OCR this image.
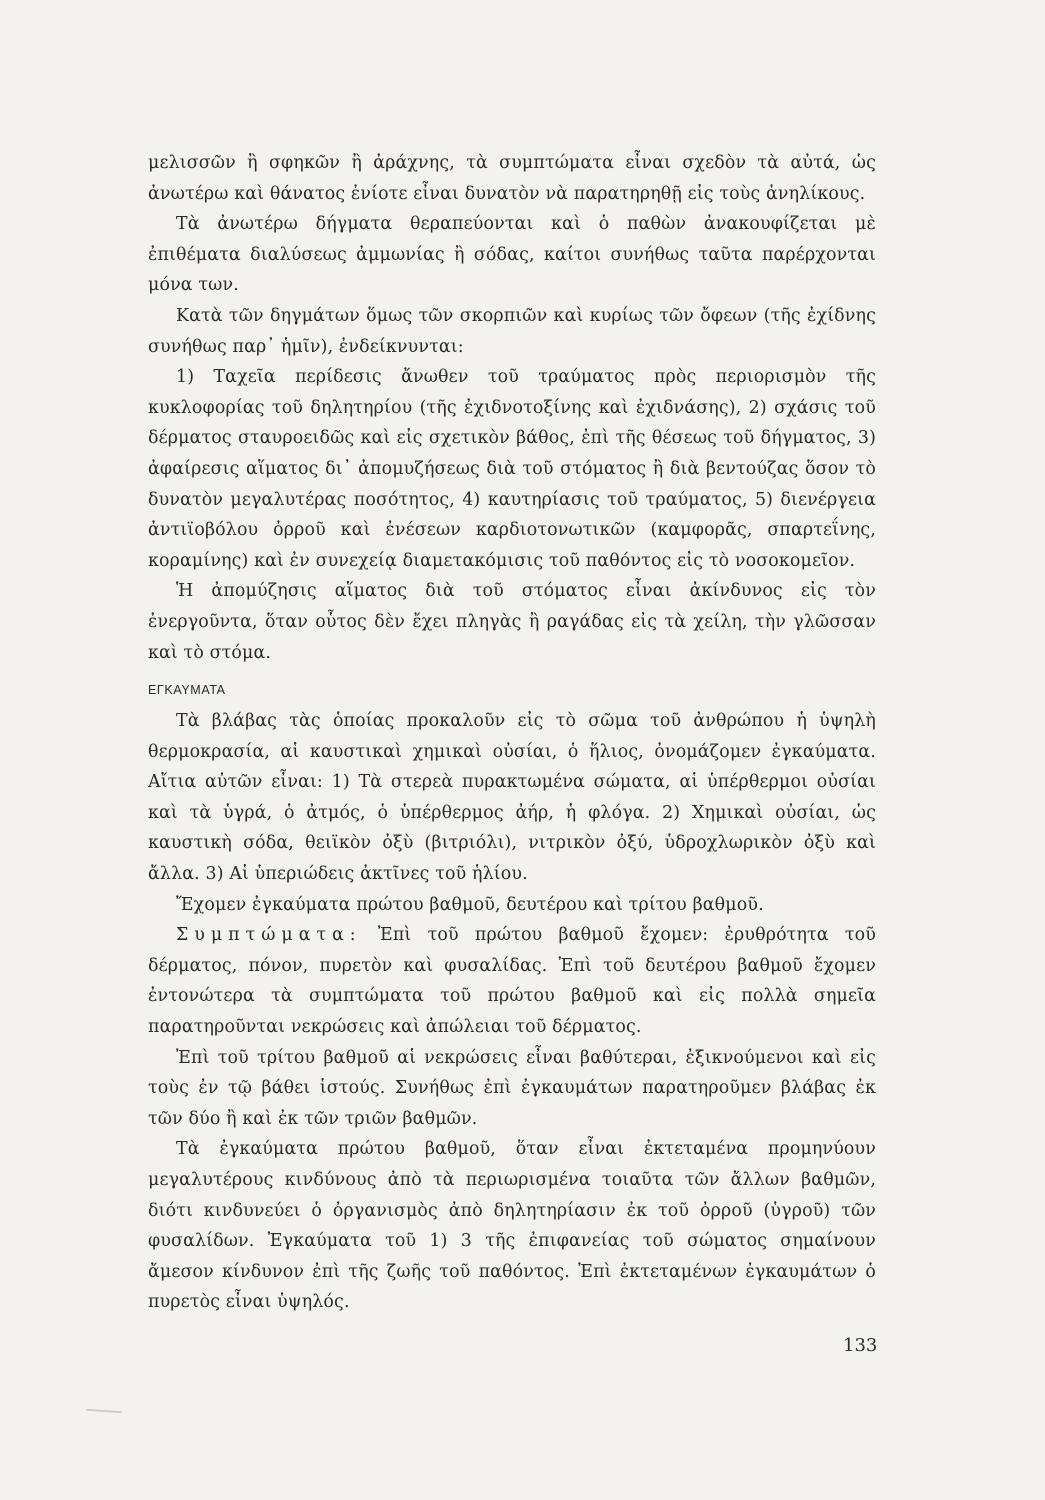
μελισσῶν ἢ σφηκῶν ἢ ἀράχνης, τὰ συμπτώματα εἶναι σχεδὸν τὰ αὐτά, ὡς ἀνωτέρω καὶ θάνατος ἐνίοτε εἶναι δυνατὸν νὰ παρατηρηθῇ εἰς τοὺς ἀνηλίκους.

Τὰ ἀνωτέρω δήγματα θεραπεύονται καὶ ὁ παθὼν ἀνακουφίζεται μὲ ἐπιθέματα διαλύσεως ἀμμωνίας ἢ σόδας, καίτοι συνήθως ταῦτα παρέρχονται μόνα των.

Κατὰ τῶν δηγμάτων ὅμως τῶν σκορπιῶν καὶ κυρίως τῶν ὄφεων (τῆς ἐχίδνης συνήθως παρ᾽ ἡμῖν), ἐνδείκνυνται:

1) Ταχεῖα περίδεσις ἄνωθεν τοῦ τραύματος πρὸς περιορισμὸν τῆς κυκλοφορίας τοῦ δηλητηρίου (τῆς ἐχιδνοτοξίνης καὶ ἐχιδνάσης), 2) σχάσις τοῦ δέρματος σταυροειδῶς καὶ εἰς σχετικὸν βάθος, ἐπὶ τῆς θέσεως τοῦ δήγματος, 3) ἀφαίρεσις αἵματος δι᾽ ἀπομυζήσεως διὰ τοῦ στόματος ἢ διὰ βεντούζας ὅσον τὸ δυνατὸν μεγαλυτέρας ποσότητος, 4) καυτηρίασις τοῦ τραύματος, 5) διενέργεια ἀντιϊοβόλου ὀρροῦ καὶ ἐνέσεων καρδιοτονωτικῶν (καμφορᾶς, σπαρτεΐνης, κοραμίνης) καὶ ἐν συνεχείᾳ διαμετακόμισις τοῦ παθόντος εἰς τὸ νοσοκομεῖον.

Ἡ ἀπομύζησις αἵματος διὰ τοῦ στόματος εἶναι ἀκίνδυνος εἰς τὸν ἐνεργοῦντα, ὅταν οὗτος δὲν ἔχει πληγὰς ἢ ραγάδας εἰς τὰ χείλη, τὴν γλῶσσαν καὶ τὸ στόμα.

ΕΓΚΑΥΜΑΤΑ

Τὰ βλάβας τὰς ὁποίας προκαλοῦν εἰς τὸ σῶμα τοῦ ἀνθρώπου ἡ ὑψηλὴ θερμοκρασία, αἱ καυστικαὶ χημικαὶ οὐσίαι, ὁ ἥλιος, ὀνομάζομεν ἐγκαύματα. Αἴτια αὐτῶν εἶναι: 1) Τὰ στερεὰ πυρακτωμένα σώματα, αἱ ὑπέρθερμοι οὐσίαι καὶ τὰ ὑγρά, ὁ ἀτμός, ὁ ὑπέρθερμος ἀήρ, ἡ φλόγα. 2) Χημικαὶ οὐσίαι, ὡς καυστικὴ σόδα, θειϊκὸν ὀξὺ (βιτριόλι), νιτρικὸν ὀξύ, ὑδροχλωρικὸν ὀξὺ καὶ ἄλλα. 3) Αἱ ὑπεριώδεις ἀκτῖνες τοῦ ἡλίου.

Ἔχομεν ἐγκαύματα πρώτου βαθμοῦ, δευτέρου καὶ τρίτου βαθμοῦ.

Συμπτώματα: Ἐπὶ τοῦ πρώτου βαθμοῦ ἔχομεν: ἐρυθρότητα τοῦ δέρματος, πόνον, πυρετὸν καὶ φυσαλίδας. Ἐπὶ τοῦ δευτέρου βαθμοῦ ἔχομεν ἐντονώτερα τὰ συμπτώματα τοῦ πρώτου βαθμοῦ καὶ εἰς πολλὰ σημεῖα παρατηροῦνται νεκρώσεις καὶ ἀπώλειαι τοῦ δέρματος.

Ἐπὶ τοῦ τρίτου βαθμοῦ αἱ νεκρώσεις εἶναι βαθύτεραι, ἐξικνούμενοι καὶ εἰς τοὺς ἐν τῷ βάθει ἱστούς. Συνήθως ἐπὶ ἐγκαυμάτων παρατηροῦμεν βλάβας ἐκ τῶν δύο ἢ καὶ ἐκ τῶν τριῶν βαθμῶν.

Τὰ ἐγκαύματα πρώτου βαθμοῦ, ὅταν εἶναι ἐκτεταμένα προμηνύουν μεγαλυτέρους κινδύνους ἀπὸ τὰ περιωρισμένα τοιαῦτα τῶν ἄλλων βαθμῶν, διότι κινδυνεύει ὁ ὀργανισμὸς ἀπὸ δηλητηρίασιν ἐκ τοῦ ὀρροῦ (ὑγροῦ) τῶν φυσαλίδων. Ἐγκαύματα τοῦ 1) 3 τῆς ἐπιφανείας τοῦ σώματος σημαίνουν ἄμεσον κίνδυνον ἐπὶ τῆς ζωῆς τοῦ παθόντος. Ἐπὶ ἐκτεταμένων ἐγκαυμάτων ὁ πυρετὸς εἶναι ὑψηλός.

133
